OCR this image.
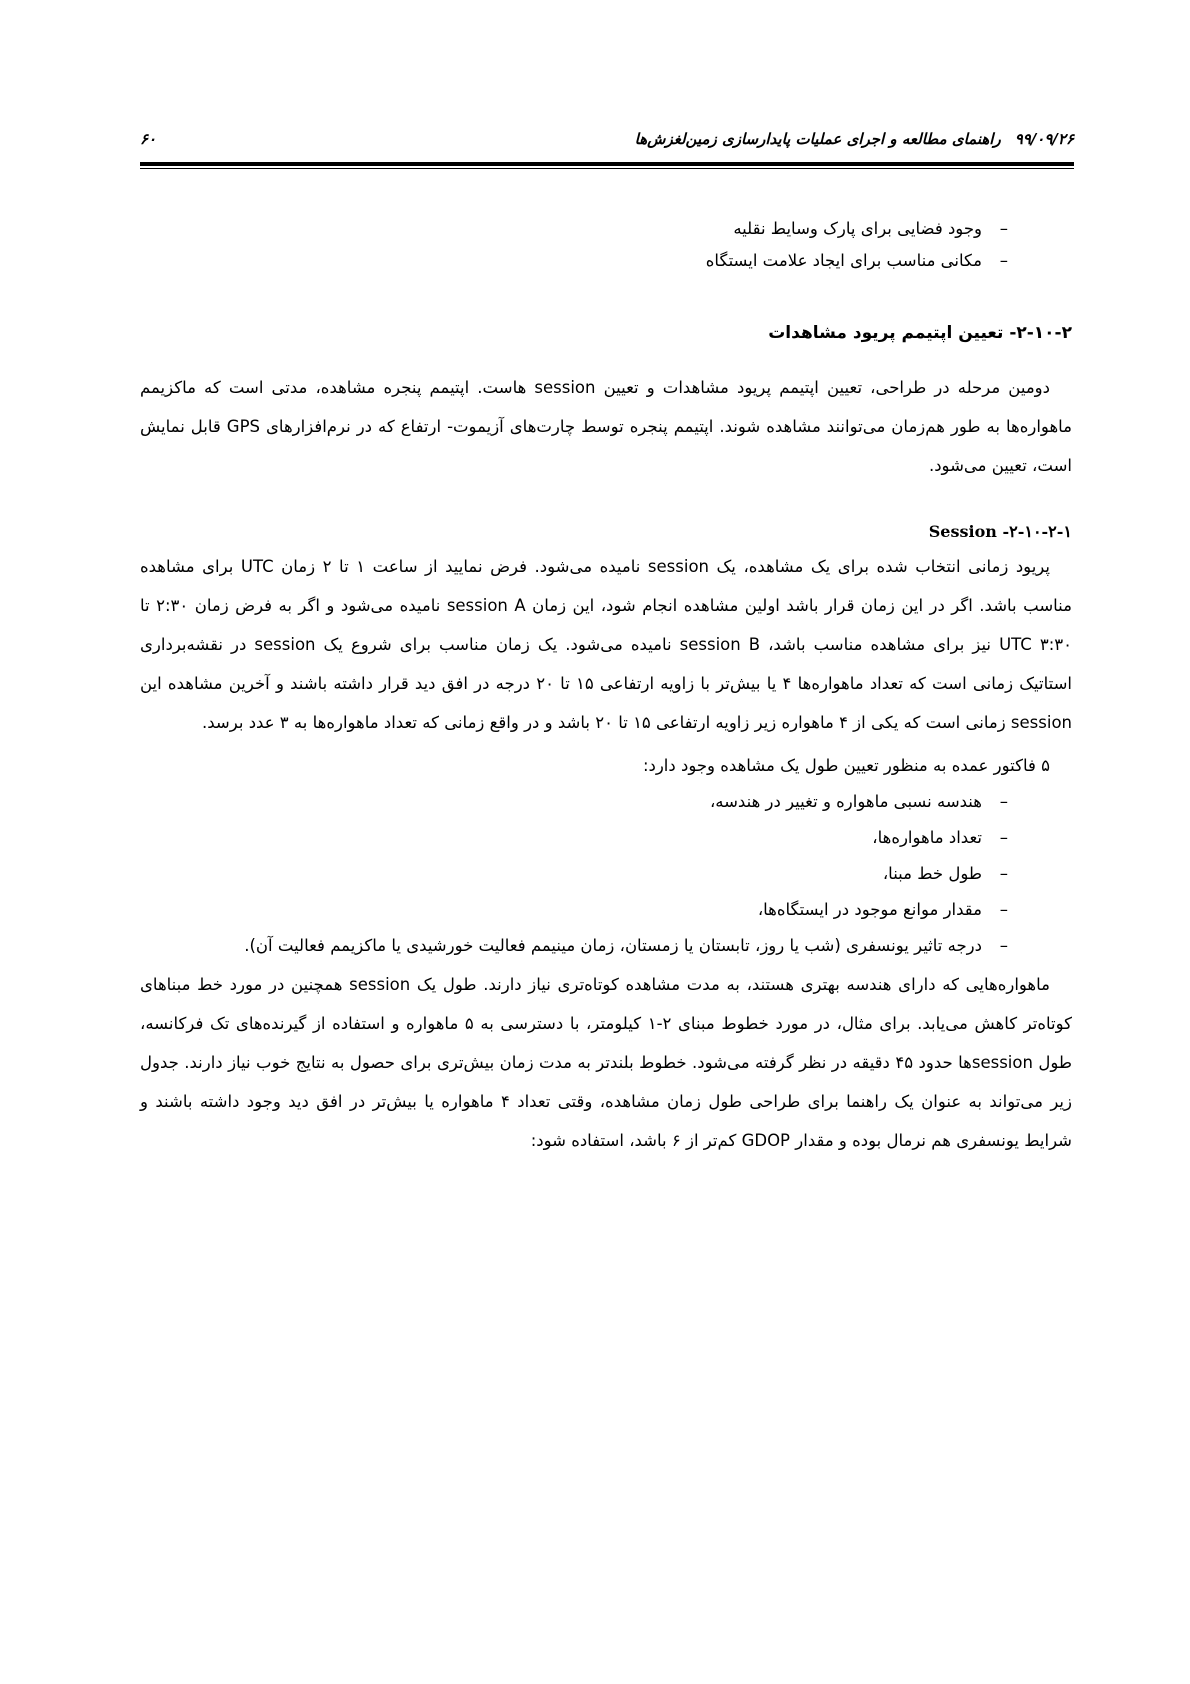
۹۹/۰۹/۲۶راهنمای مطالعه و اجرای عملیات پایدارسازی زمین‌لغزش‌ها
۶۰
–
وجود فضایی برای پارک وسایط نقلیه
–
مکانی مناسب برای ایجاد علامت ایستگاه
۲-۱۰-۲- تعیین اپتیمم پریود مشاهدات

دومین مرحله در طراحی، تعیین اپتیمم پریود مشاهدات و تعیین session هاست. اپتیمم پنجره مشاهده، مدتی است که ماکزیمم ماهواره‌ها به طور هم‌زمان می‌توانند مشاهده شوند. اپتیمم پنجره توسط چارت‌های آزیموت- ارتفاع که در نرم‌افزارهای GPS قابل نمایش است، تعیین می‌شود.

۲-۱۰-۲-۱- Session

پریود زمانی انتخاب شده برای یک مشاهده، یک session نامیده می‌شود. فرض نمایید از ساعت ۱ تا ۲ زمان UTC برای مشاهده مناسب باشد. اگر در این زمان قرار باشد اولین مشاهده انجام شود، این زمان session A نامیده می‌شود و اگر به فرض زمان ۲:۳۰ تا ۳:۳۰ UTC نیز برای مشاهده مناسب باشد، session B نامیده می‌شود. یک زمان مناسب برای شروع یک session در نقشه‌برداری استاتیک زمانی است که تعداد ماهواره‌ها ۴ یا بیش‌تر با زاویه ارتفاعی ۱۵ تا ۲۰ درجه در افق دید قرار داشته باشند و آخرین مشاهده این session زمانی است که یکی از ۴ ماهواره زیر زاویه ارتفاعی ۱۵ تا ۲۰ باشد و در واقع زمانی که تعداد ماهواره‌ها به ۳ عدد برسد.

۵ فاکتور عمده به منظور تعیین طول یک مشاهده وجود دارد:

–
هندسه نسبی ماهواره و تغییر در هندسه،
–
تعداد ماهواره‌ها،
–
طول خط مبنا،
–
مقدار موانع موجود در ایستگاه‌ها،
–
درجه تاثیر یونسفری (شب یا روز، تابستان یا زمستان، زمان مینیمم فعالیت خورشیدی یا ماکزیمم فعالیت آن).

ماهواره‌هایی که دارای هندسه بهتری هستند، به مدت مشاهده کوتاه‌تری نیاز دارند. طول یک session همچنین در مورد خط مبناهای کوتاه‌تر کاهش می‌یابد. برای مثال، در مورد خطوط مبنای ۲-۱ کیلومتر، با دسترسی به ۵ ماهواره و استفاده از گیرنده‌های تک فرکانسه، طول sessionها حدود ۴۵ دقیقه در نظر گرفته می‌شود. خطوط بلندتر به مدت زمان بیش‌تری برای حصول به نتایج خوب نیاز دارند. جدول زیر می‌تواند به عنوان یک راهنما برای طراحی طول زمان مشاهده، وقتی تعداد ۴ ماهواره یا بیش‌تر در افق دید وجود داشته باشند و شرایط یونسفری هم نرمال بوده و مقدار GDOP کم‌تر از ۶ باشد، استفاده شود:
